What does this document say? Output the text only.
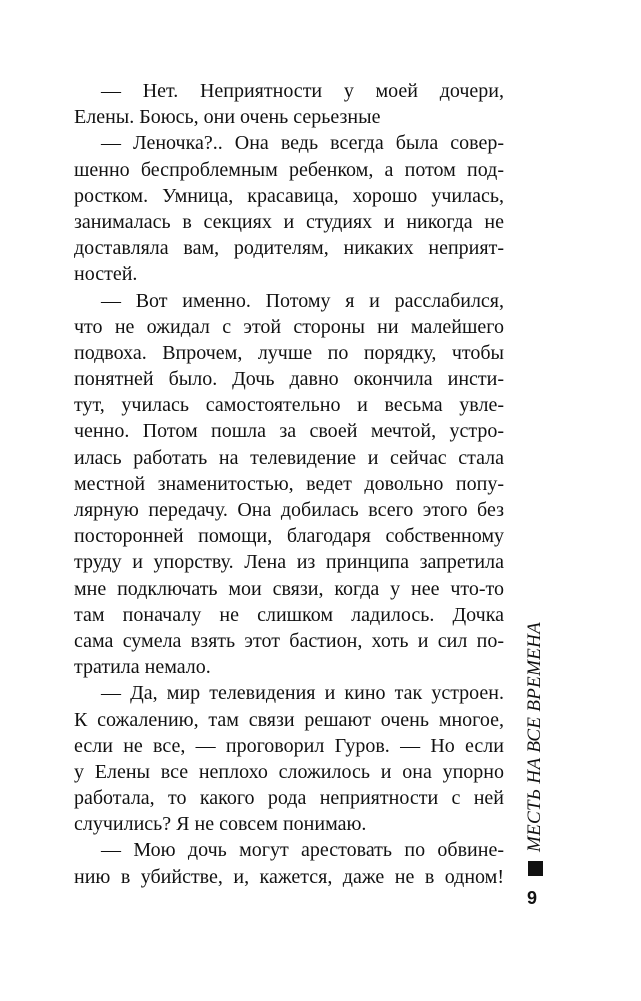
— Нет. Неприятности у моей дочери,
Елены. Боюсь, они очень серьезные
— Леночка?.. Она ведь всегда была совер-
шенно беспроблемным ребенком, а потом под-
ростком. Умница, красавица, хорошо училась,
занималась в секциях и студиях и никогда не
доставляла вам, родителям, никаких неприят-
ностей.
— Вот именно. Потому я и расслабился,
что не ожидал с этой стороны ни малейшего
подвоха. Впрочем, лучше по порядку, чтобы
понятней было. Дочь давно окончила инсти-
тут, училась самостоятельно и весьма увле-
ченно. Потом пошла за своей мечтой, устро-
илась работать на телевидение и сейчас стала
местной знаменитостью, ведет довольно попу-
лярную передачу. Она добилась всего этого без
посторонней помощи, благодаря собственному
труду и упорству. Лена из принципа запретила
мне подключать мои связи, когда у нее что-то
там поначалу не слишком ладилось. Дочка
сама сумела взять этот бастион, хоть и сил по-
тратила немало.
— Да, мир телевидения и кино так устроен.
К сожалению, там связи решают очень многое,
если не все, — проговорил Гуров. — Но если
у Елены все неплохо сложилось и она упорно
работала, то какого рода неприятности с ней
случились? Я не совсем понимаю.
— Мою дочь могут арестовать по обвине-
нию в убийстве, и, кажется, даже не в одном!
МЕСТЬ НА ВСЕ ВРЕМЕНА
9
